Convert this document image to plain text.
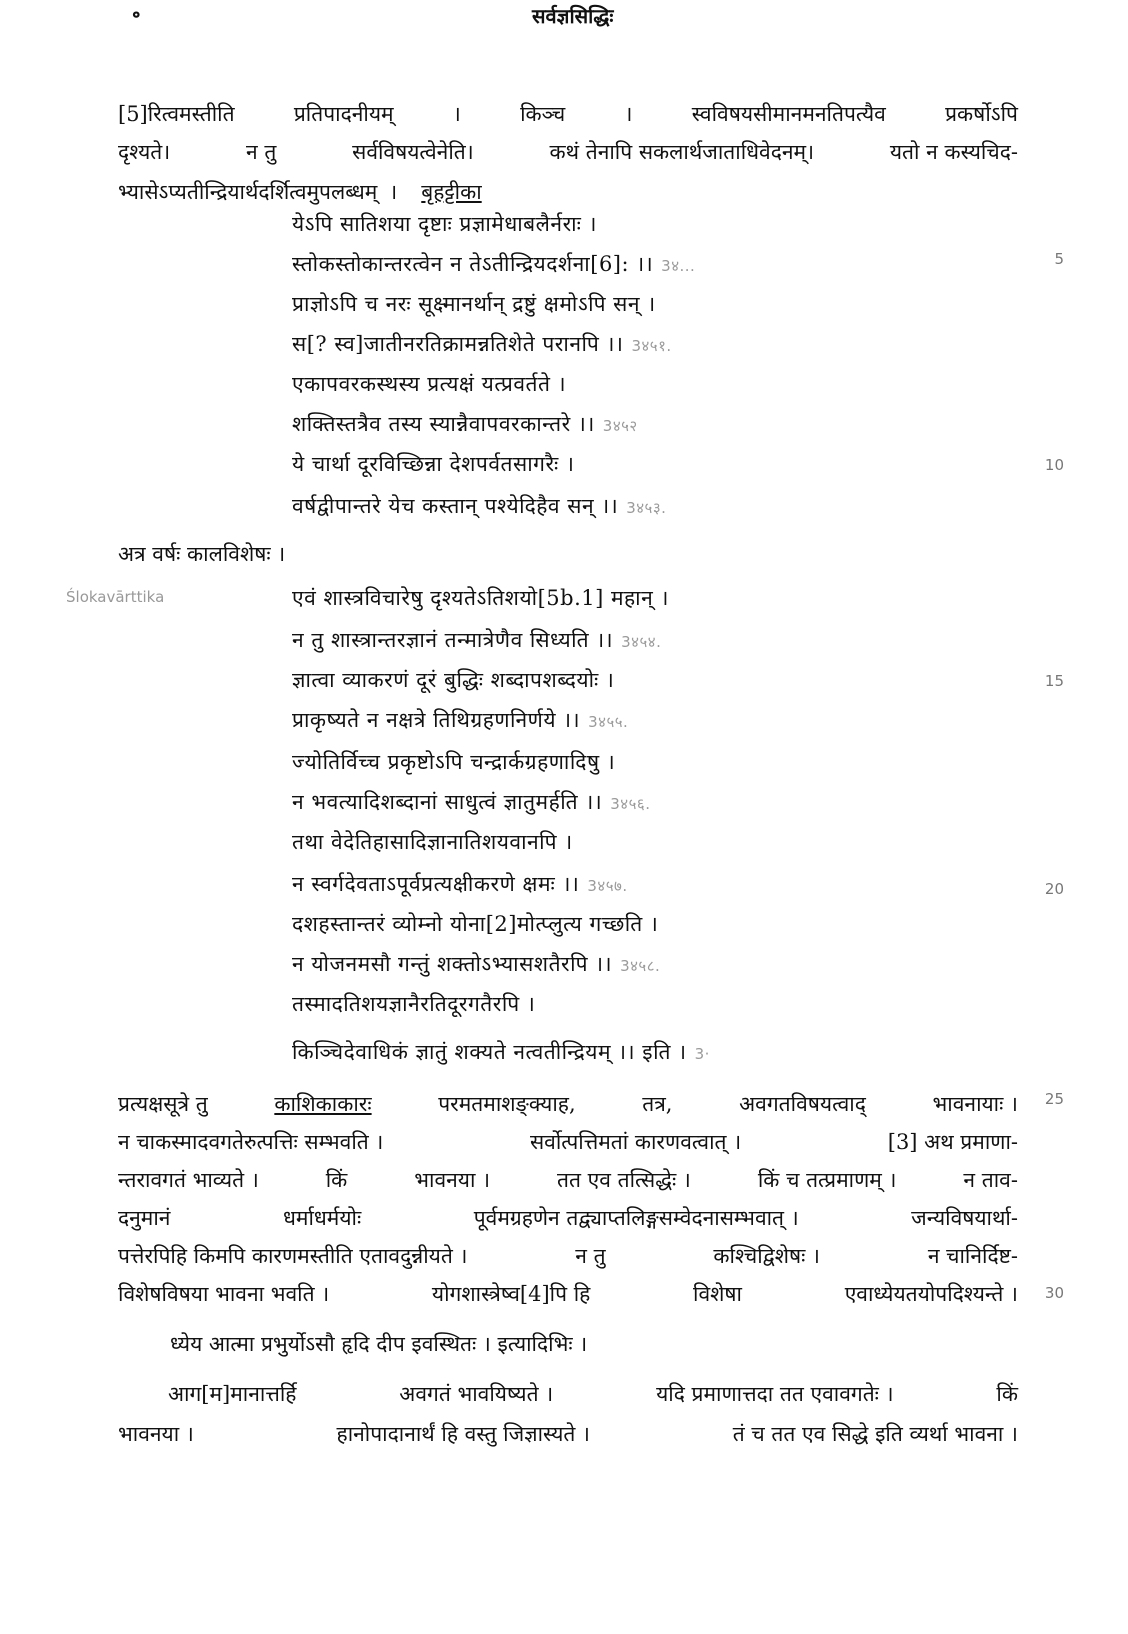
॰	सर्वज्ञसिद्धिः
[5]रित्वमस्तीति	प्रतिपादनीयम्	।	किञ्च	।	स्वविषयसीमानमनतिपत्यैव	प्रकर्षोऽपि
दृश्यते।	न तु	सर्वविषयत्वेनेति।	कथं तेनापि सकलार्थजाताधिवेदनम्।	यतो न कस्यचिद-
भ्यासेऽप्यतीन्द्रियार्थदर्शित्वमुपलब्धम् । बृहट्टीका
येऽपि सातिशया दृष्टाः प्रज्ञामेधाबलैर्नराः ।
स्तोकस्तोकान्तरत्वेन न तेऽतीन्द्रियदर्शना[6]: ।। 3४...
प्राज्ञोऽपि च नरः सूक्ष्मानर्थान् द्रष्टुं क्षमोऽपि सन् ।
स[? स्व]जातीनरतिक्रामन्नतिशेते परानपि ।। 3४५१.
एकापवरकस्थस्य प्रत्यक्षं यत्प्रवर्तते ।
शक्तिस्तत्रैव तस्य स्यान्नैवापवरकान्तरे ।। 3४५२
ये चार्था दूरविच्छिन्ना देशपर्वतसागरैः ।
वर्षद्वीपान्तरे येच कस्तान् पश्येदिहैव सन् ।। 3४५३.
अत्र वर्षः कालविशेषः ।
Ślokavārttika	एवं शास्त्रविचारेषु दृश्यतेऽतिशयो[5b.1] महान् ।
न तु शास्त्रान्तरज्ञानं तन्मात्रेणैव सिध्यति ।। 3४५४.
ज्ञात्वा व्याकरणं दूरं बुद्धिः शब्दापशब्दयोः ।
प्राकृष्यते न नक्षत्रे तिथिग्रहणनिर्णये ।। 3४५५.
ज्योतिर्विच्च प्रकृष्टोऽपि चन्द्रार्कग्रहणादिषु ।
न भवत्यादिशब्दानां साधुत्वं ज्ञातुमर्हति ।। 3४५६.
तथा वेदेतिहासादिज्ञानातिशयवानपि ।
न स्वर्गदेवताऽपूर्वप्रत्यक्षीकरणे क्षमः ।। 3४५७.
दशहस्तान्तरं व्योम्नो योना[2]मोत्प्लुत्य गच्छति ।
न योजनमसौ गन्तुं शक्तोऽभ्यासशतैरपि ।। 3४५८.
तस्मादतिशयज्ञानैरतिदूरगतैरपि ।
किञ्चिदेवाधिकं ज्ञातुं शक्यते नत्वतीन्द्रियम् ।। इति । 3·
प्रत्यक्षसूत्रे तु	काशिकाकारः	परमतमाशङ्क्याह,	तत्र,	अवगतविषयत्वाद्	भावनायाः ।
न चाकस्मादवगतेरुत्पत्तिः सम्भवति ।	सर्वोत्पत्तिमतां कारणवत्वात् ।	[3] अथ प्रमाणा-
न्तरावगतं भाव्यते ।	किं	भावनया ।	तत एव तत्सिद्धेः ।	किं च तत्प्रमाणम् ।	न ताव-
दनुमानं	धर्माधर्मयोः	पूर्वमग्रहणेन तद्व्याप्तलिङ्गसम्वेदनासम्भवात् ।	जन्यविषयार्था-
पत्तेरपिहि किमपि कारणमस्तीति एतावदुन्नीयते ।	न तु	कश्चिद्विशेषः ।	न चानिर्दिष्ट-
विशेषविषया भावना भवति ।	योगशास्त्रेष्व[4]पि हि	विशेषा	एवाध्येयतयोपदिश्यन्ते ।
ध्येय आत्मा प्रभुर्योऽसौ हृदि दीप इवस्थितः । इत्यादिभिः ।
आग[म]मानात्तर्हि	अवगतं भावयिष्यते ।	यदि प्रमाणात्तदा तत एवावगतेः ।	किं
भावनया ।	हानोपादानार्थं हि वस्तु जिज्ञास्यते ।	तं च तत एव सिद्धे इति व्यर्था भावना ।
5
10
15
20
25
30
